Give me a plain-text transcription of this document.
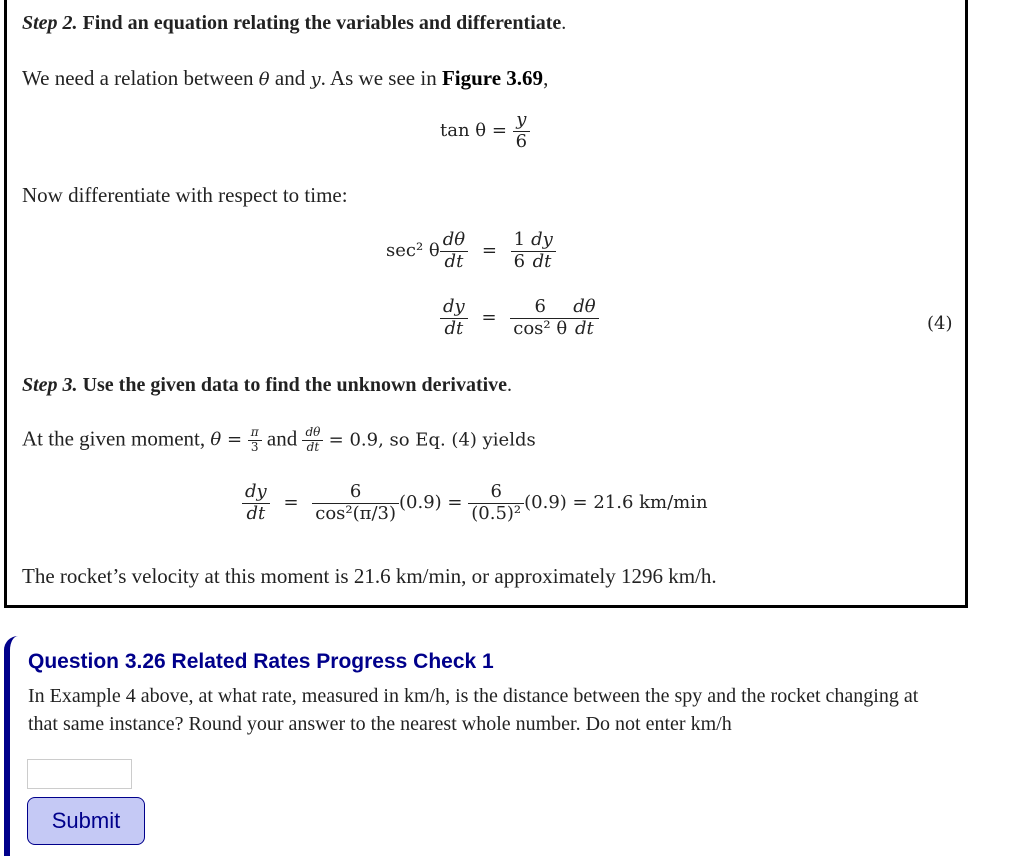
Step 2. Find an equation relating the variables and differentiate.
We need a relation between θ and y. As we see in Figure 3.69,
$\tan \theta = \frac{y}{6}$
Now differentiate with respect to time:
sec² θ $\frac{d\theta}{dt} = \frac{1}{6} \frac{dy}{dt}$
$\frac{dy}{dt} = \frac{6}{\text{cos² θ}} \frac{d\theta}{dt}$	(4)
Step 3. Use the given data to find the unknown derivative.
At the given moment, $\theta = \frac{\pi}{3}$ and $\frac{d\theta}{dt} = 0.9$, so Eq. (4) yields
$\frac{dy}{dt} = \frac{6}{\text{cos²(π/3)}} (0.9) = \frac{6}{\text{(0.5)²}} (0.9) = 21.6$ km/min
The rocket’s velocity at this moment is 21.6 km/min, or approximately 1296 km/h.
Question 3.26 Related Rates Progress Check 1
In Example 4 above, at what rate, measured in km/h, is the distance between the spy and the rocket changing at that same instance? Round your answer to the nearest whole number. Do not enter km/h
Submit
